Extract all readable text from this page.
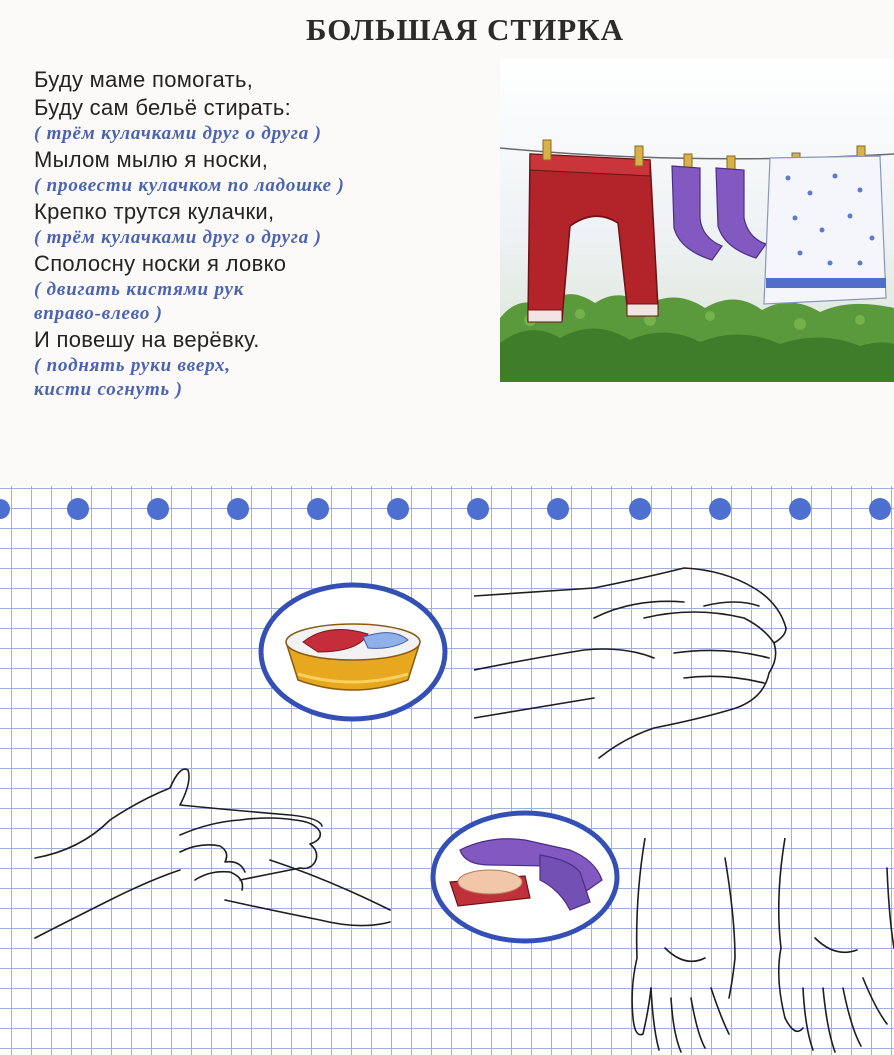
БОЛЬШАЯ СТИРКА
Буду маме помогать,
Буду сам бельё стирать:
( трём кулачками друг о друга )
Мылом мылю я носки,
( провести кулачком по ладошке )
Крепко трутся кулачки,
( трём кулачками друг о друга )
Сполосну носки я ловко
( двигать кистями рук
вправо-влево )
И повешу на верёвку.
( поднять руки вверх,
кисти согнуть )
